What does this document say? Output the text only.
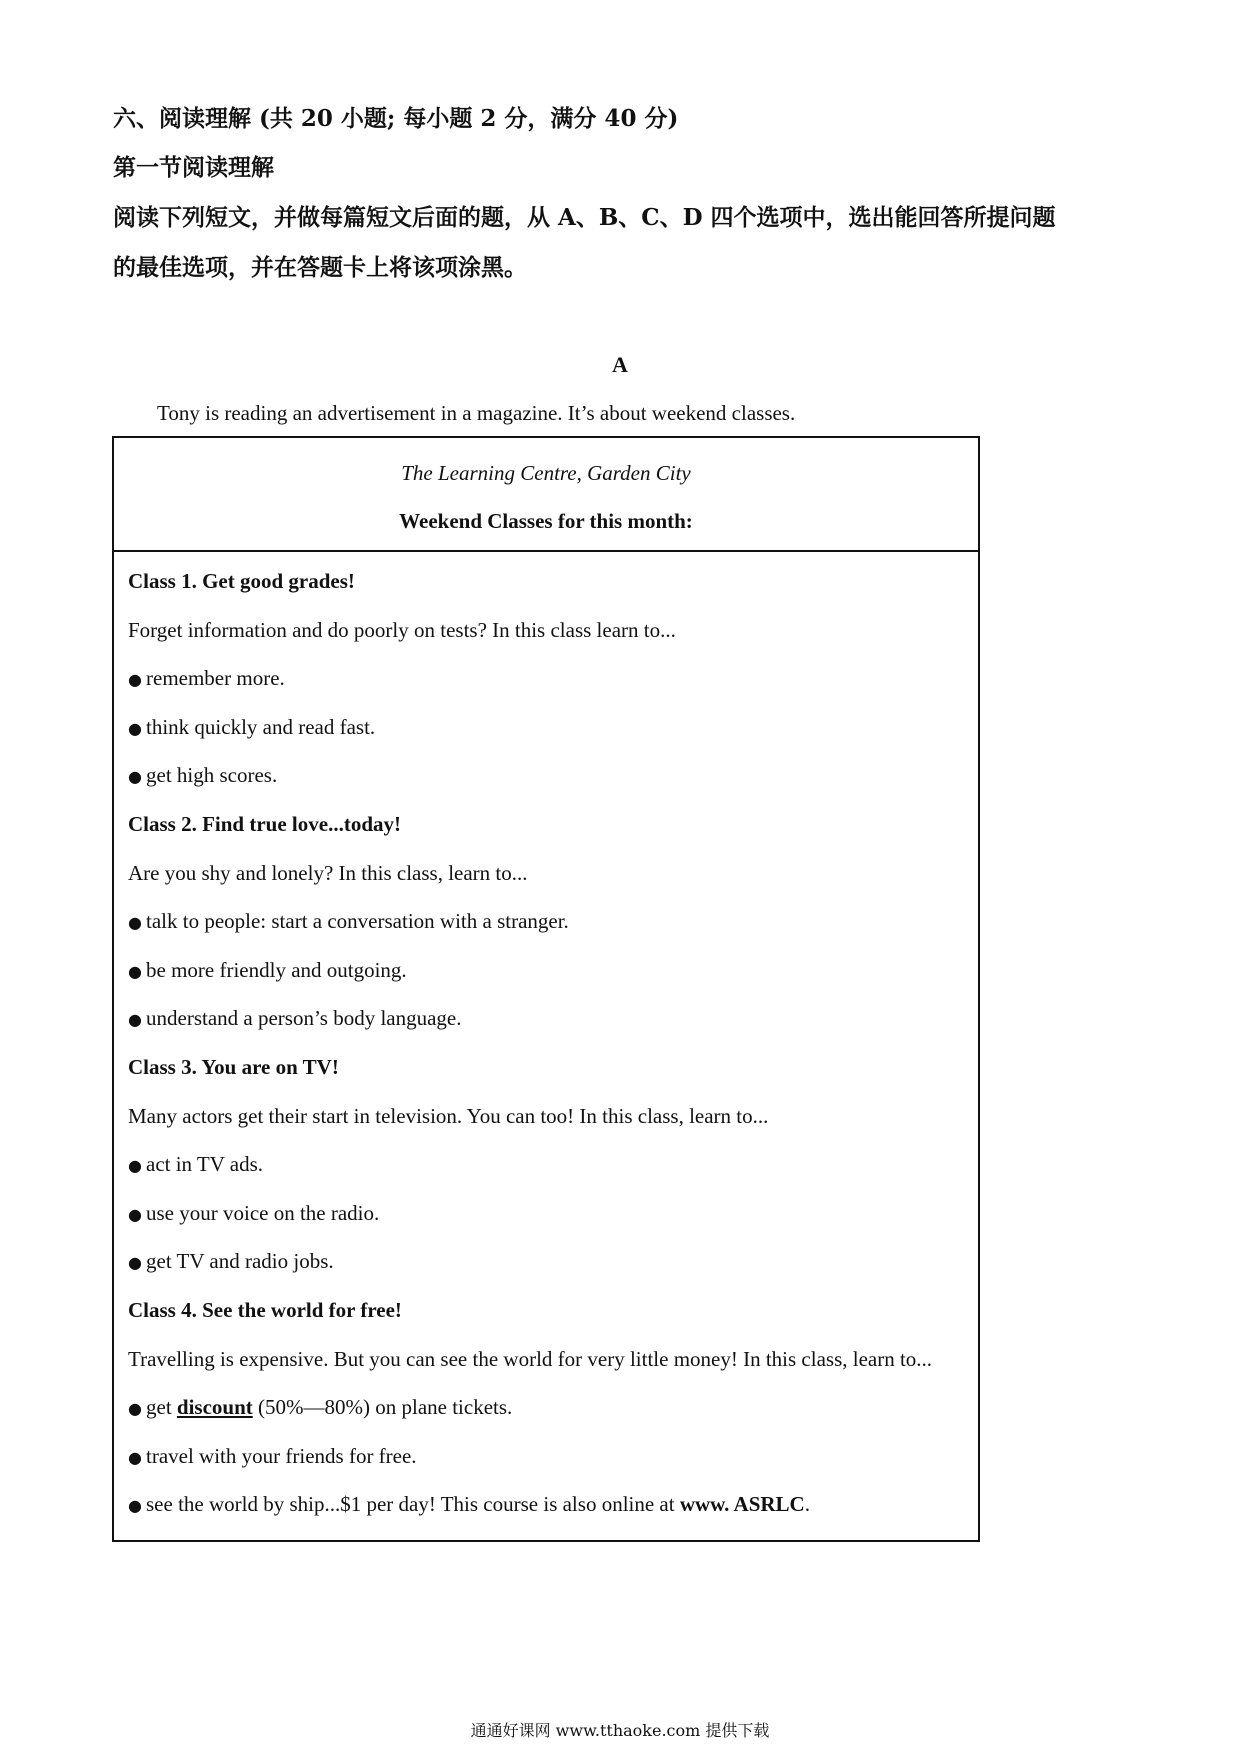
六、阅读理解 (共 20 小题; 每小题 2 分，满分 40 分)
第一节阅读理解
阅读下列短文，并做每篇短文后面的题，从 A、B、C、D 四个选项中，选出能回答所提问题
的最佳选项，并在答题卡上将该项涂黑。
A
Tony is reading an advertisement in a magazine. It’s about weekend classes.
The Learning Centre, Garden City
Weekend Classes for this month:
Class 1. Get good grades!
Forget information and do poorly on tests? In this class learn to...
● remember more.
● think quickly and read fast.
● get high scores.
Class 2. Find true love...today!
Are you shy and lonely? In this class, learn to...
● talk to people: start a conversation with a stranger.
● be more friendly and outgoing.
● understand a person’s body language.
Class 3. You are on TV!
Many actors get their start in television. You can too! In this class, learn to...
● act in TV ads.
● use your voice on the radio.
● get TV and radio jobs.
Class 4. See the world for free!
Travelling is expensive. But you can see the world for very little money! In this class, learn to...
● get discount (50%—80%) on plane tickets.
● travel with your friends for free.
● see the world by ship...$1 per day! This course is also online at www. ASRLC.
通通好课网 www.tthaoke.com 提供下载
